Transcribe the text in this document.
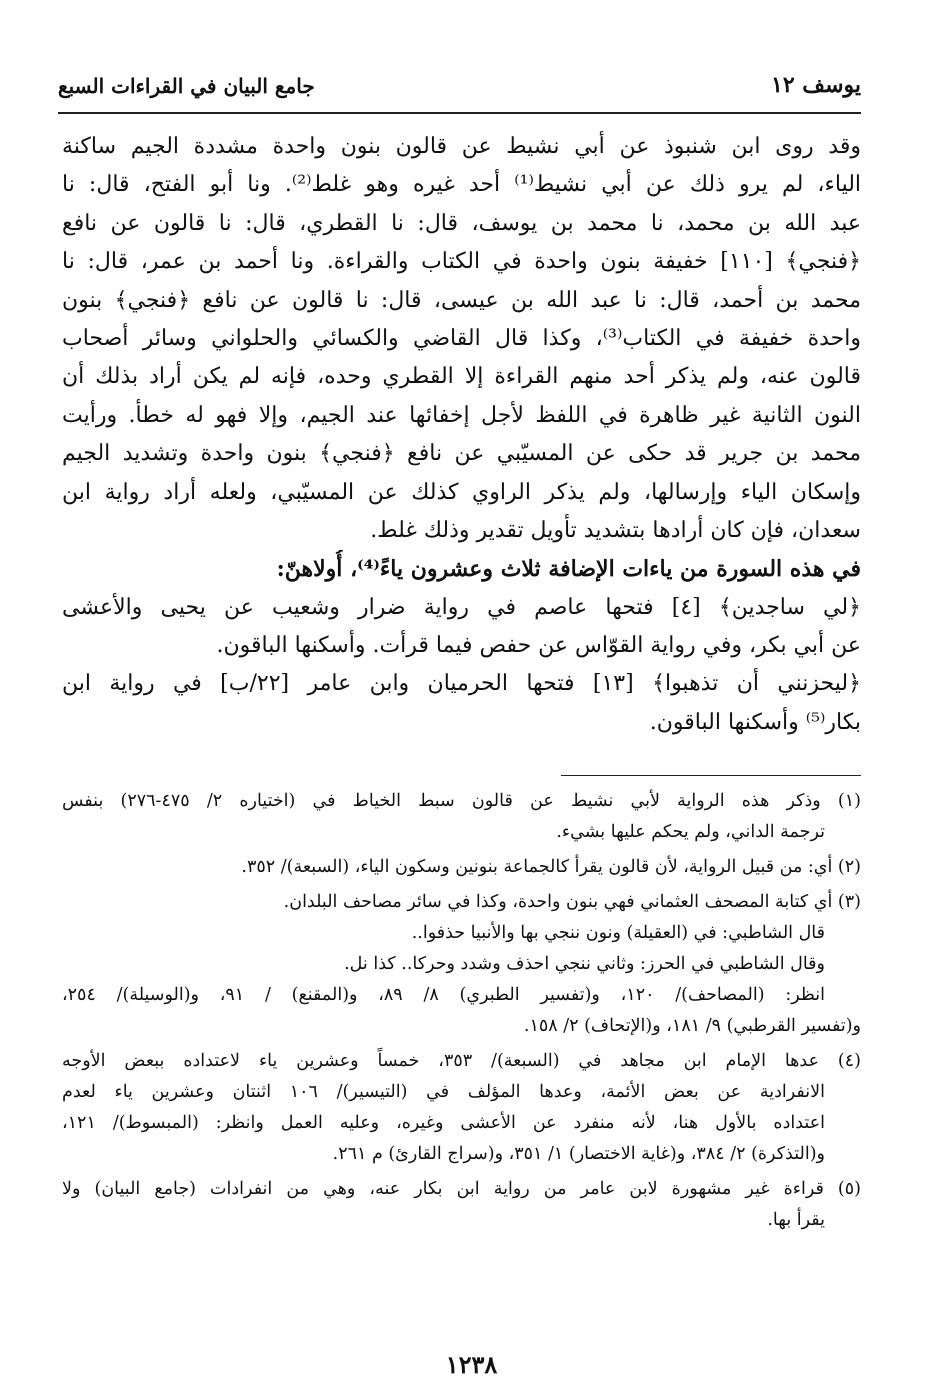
يوسف ١٢
جامع البيان في القراءات السبع
وقد روى ابن شنبوذ عن أبي نشيط عن قالون بنون واحدة مشددة الجيم ساكنة
الياء، لم يرو ذلك عن أبي نشيط⁽¹⁾ أحد غيره وهو غلط⁽²⁾. ونا أبو الفتح، قال: نا
عبد الله بن محمد، نا محمد بن يوسف، قال: نا القطري، قال: نا قالون عن نافع
﴿فنجي﴾ [١١٠] خفيفة بنون واحدة في الكتاب والقراءة. ونا أحمد بن عمر، قال: نا
محمد بن أحمد، قال: نا عبد الله بن عيسى، قال: نا قالون عن نافع ﴿فنجي﴾ بنون
واحدة خفيفة في الكتاب⁽³⁾، وكذا قال القاضي والكسائي والحلواني وسائر أصحاب
قالون عنه، ولم يذكر أحد منهم القراءة إلا القطري وحده، فإنه لم يكن أراد بذلك أن
النون الثانية غير ظاهرة في اللفظ لأجل إخفائها عند الجيم، وإلا فهو له خطأ. ورأيت
محمد بن جرير قد حكى عن المسيّبي عن نافع ﴿فنجي﴾ بنون واحدة وتشديد الجيم
وإسكان الياء وإرسالها، ولم يذكر الراوي كذلك عن المسيّبي، ولعله أراد رواية ابن
سعدان، فإن كان أرادها بتشديد تأويل تقدير وذلك غلط.
في هذه السورة من ياءات الإضافة ثلاث وعشرون ياءً⁽⁴⁾، أُولاهنّ:
﴿لي ساجدين﴾ [٤] فتحها عاصم في رواية ضرار وشعيب عن يحيى والأعشى
عن أبي بكر، وفي رواية القوّاس عن حفص فيما قرأت. وأسكنها الباقون.
﴿ليحزنني أن تذهبوا﴾ [١٣] فتحها الحرميان وابن عامر [٢٢/ب] في رواية ابن
بكار⁽⁵⁾ وأسكنها الباقون.
(١) وذكر هذه الرواية لأبي نشيط عن قالون سبط الخياط في (اختياره ٢/ ٤٧٥-٢٧٦) بنفس
ترجمة الداني، ولم يحكم عليها بشيء.
(٢) أي: من قبيل الرواية، لأن قالون يقرأ كالجماعة بنونين وسكون الياء، (السبعة)/ ٣٥٢.
(٣) أي كتابة المصحف العثماني فهي بنون واحدة، وكذا في سائر مصاحف البلدان.
قال الشاطبي: في (العقيلة) ونون ننجي بها والأنبيا حذفوا..
وقال الشاطبي في الحرز: وثاني ننجي احذف وشدد وحركا.. كذا نل.
انظر: (المصاحف)/ ١٢٠، و(تفسير الطبري) ٨/ ٨٩، و(المقنع) / ٩١، و(الوسيلة)/ ٢٥٤،
و(تفسير القرطبي) ٩/ ١٨١، و(الإتحاف) ٢/ ١٥٨.
(٤) عدها الإمام ابن مجاهد في (السبعة)/ ٣٥٣، خمساً وعشرين ياء لاعتداده ببعض الأوجه
الانفرادية عن بعض الأئمة، وعدها المؤلف في (التيسير)/ ١٠٦ اثنتان وعشرين ياء لعدم
اعتداده بالأول هنا، لأنه منفرد عن الأعشى وغيره، وعليه العمل وانظر: (المبسوط)/ ١٢١،
و(التذكرة) ٢/ ٣٨٤، و(غاية الاختصار) ١/ ٣٥١، و(سراج القارئ) م ٢٦١.
(٥) قراءة غير مشهورة لابن عامر من رواية ابن بكار عنه، وهي من انفرادات (جامع البيان) ولا
يقرأ بها.
١٢٣٨
